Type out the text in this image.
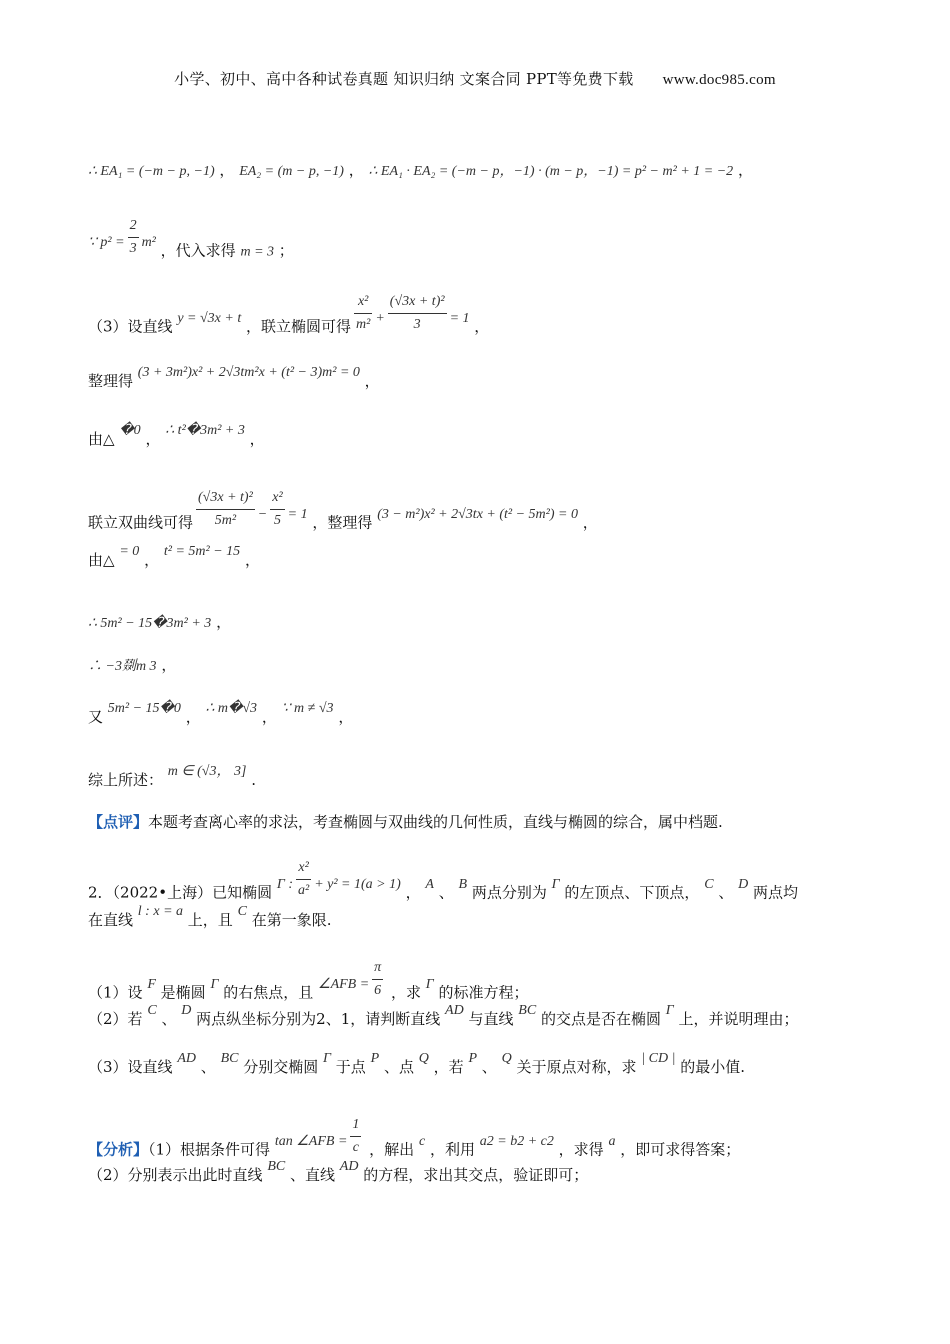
小学、初中、高中各种试卷真题 知识归纳 文案合同 PPT等免费下载 www.doc985.com
∴ EA₁ = (−m − p, −1) ， EA₂ = (m − p, −1) ， ∴ EA₁ · EA₂ = (−m − p，−1) · (m − p，−1) = p² − m² + 1 = −2 ，
∵ $p^2 = \frac{2}{3} m^2$ ，代入求得 m = 3 ；
（3）设直线 y = √3x + t ，联立椭圆可得 $\frac{\text{x²}}{\text{m²}} + \frac{\text{(√3x + t)²}}{3} = 1$ ，
整理得 (3 + 3m²)x² + 2√3tm²x + (t² − 3)m² = 0 ，
由△ �0 ， ∴ t²�3m² + 3 ，
联立双曲线可得 $\frac{\text{(√3x + t)²}}{\text{5m²}} - \frac{\text{x²}}{5} = 1$ ，整理得 (3 − m²)x² + 2√3tx + (t² − 5m²) = 0 ，
由△ = 0 ， t² = 5m² − 15 ，
∴ 5m² − 15�3m² + 3 ，
∴ −3剟m 3 ，
又 5m² − 15�0 ， ∴ m�√3 ， ∵ m ≠ √3 ，
综上所述： m ∈ (√3， 3] .
【点评】本题考查离心率的求法，考查椭圆与双曲线的几何性质，直线与椭圆的综合，属中档题.
2．（2022•上海）已知椭圆 Γ : $\frac{\text{x²}}{\text{a²}} + y^2 = 1(a > 1)$ ， A 、 B 两点分别为 Γ 的左顶点、下顶点， C 、 D 两点均
在直线 l : x = a 上，且 C 在第一象限.
（1）设 F 是椭圆 Γ 的右焦点，且 ∠AFB = $\frac{\pi}{6}$ ，求 Γ 的标准方程；
（2）若 C 、 D 两点纵坐标分别为2、1，请判断直线 AD 与直线 BC 的交点是否在椭圆 Γ 上，并说明理由；
（3）设直线 AD 、 BC 分别交椭圆 Γ 于点 P 、点 Q ，若 P 、 Q 关于原点对称，求 | CD | 的最小值.
【分析】（1）根据条件可得 tan ∠AFB = $\frac{1}{c}$ ，解出 c ，利用 a2 = b2 + c2 ，求得 a ，即可求得答案；
（2）分别表示出此时直线 BC 、直线 AD 的方程，求出其交点，验证即可；
